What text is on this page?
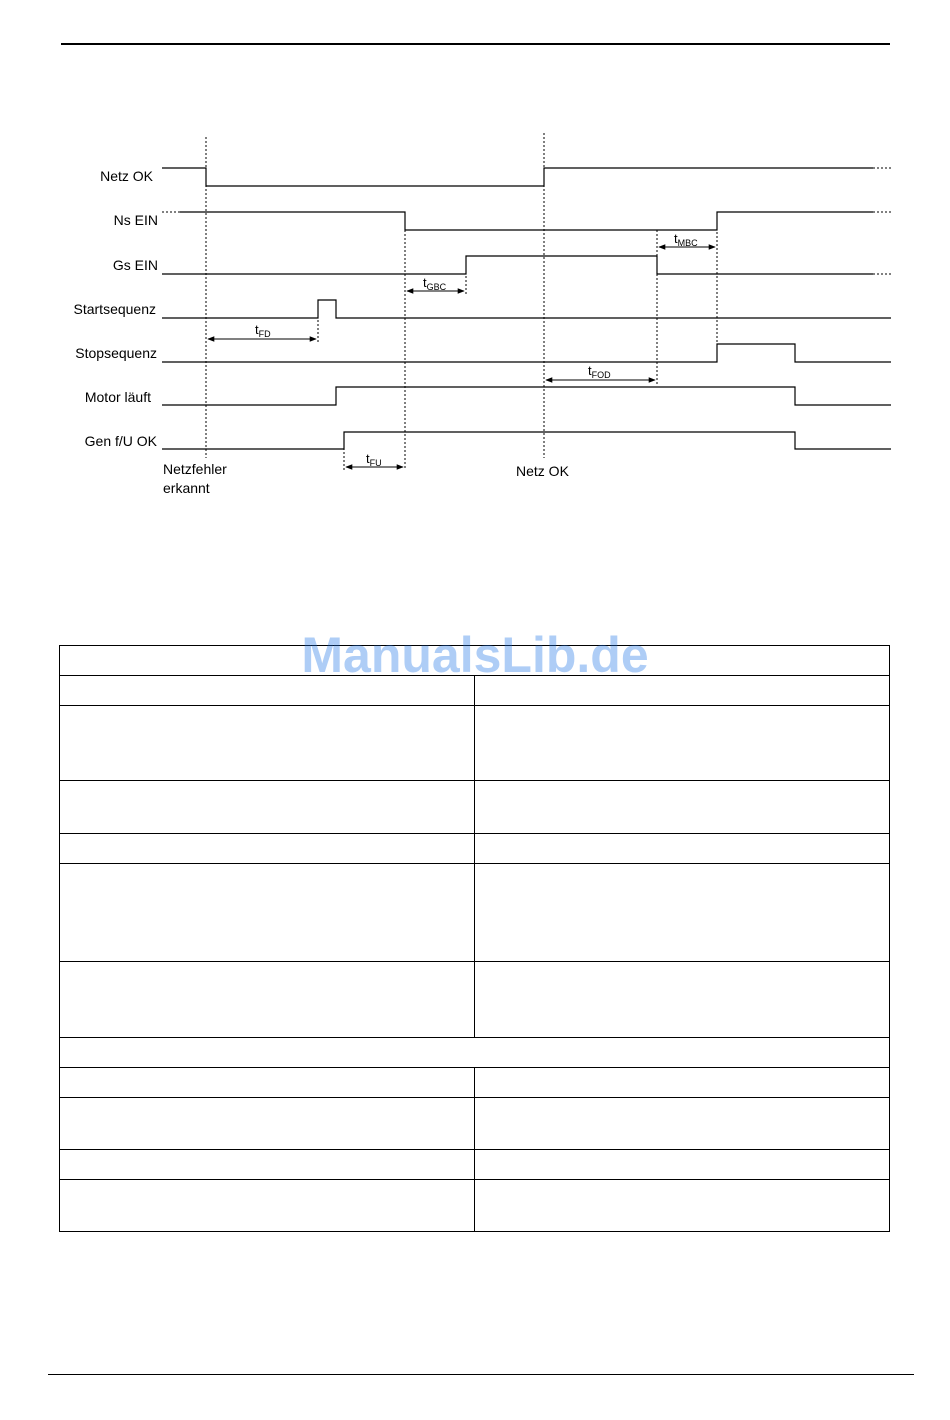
Netz OK
Ns EIN
Gs EIN
Startsequenz
Stopsequenz
Motor läuft
Gen f/U OK
tFD
tGBC
tMBC
tFOD
tFU
Netzfehler
erkannt
Netz OK

ManualsLib.de
